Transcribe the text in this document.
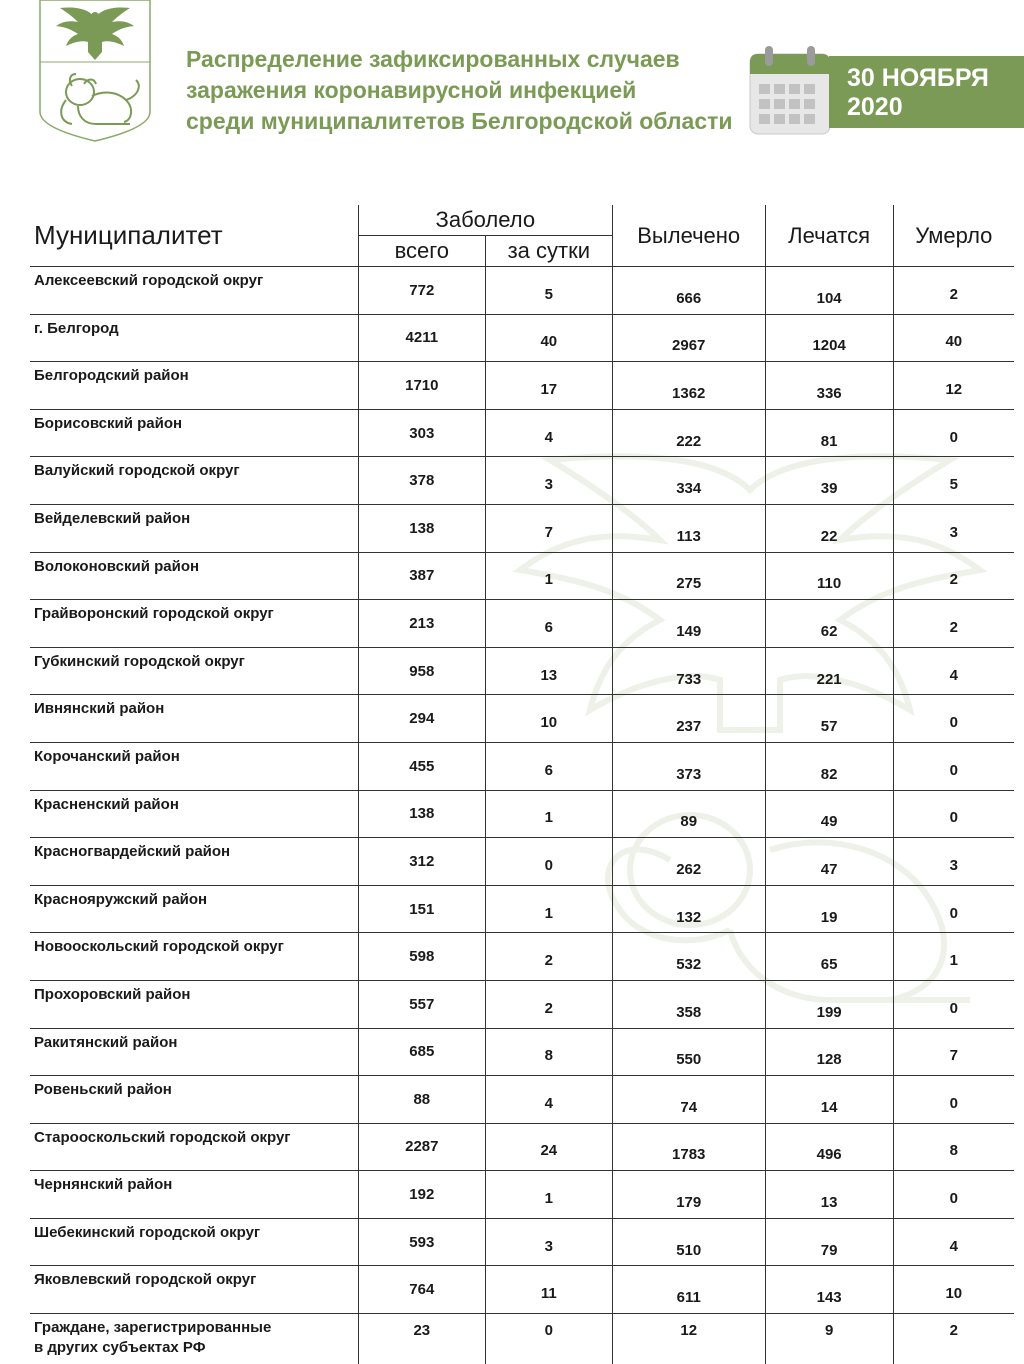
Распределение зафиксированных случаев
заражения коронавирусной инфекцией
среди муниципалитетов Белгородской области
30 НОЯБРЯ
2020
Муниципалитет	Заболело		Вылечено	Лечатся	Умерло
	всего	за сутки			
Алексеевский городской округ	772	5	666	104	2
г. Белгород	4211	40	2967	1204	40
Белгородский район	1710	17	1362	336	12
Борисовский район	303	4	222	81	0
Валуйский городской округ	378	3	334	39	5
Вейделевский район	138	7	113	22	3
Волоконовский район	387	1	275	110	2
Грайворонский городской округ	213	6	149	62	2
Губкинский городской округ	958	13	733	221	4
Ивнянский район	294	10	237	57	0
Корочанский район	455	6	373	82	0
Красненский район	138	1	89	49	0
Красногвардейский район	312	0	262	47	3
Краснояружский район	151	1	132	19	0
Новооскольский городской округ	598	2	532	65	1
Прохоровский район	557	2	358	199	0
Ракитянский район	685	8	550	128	7
Ровеньский район	88	4	74	14	0
Старооскольский городской округ	2287	24	1783	496	8
Чернянский район	192	1	179	13	0
Шебекинский городской округ	593	3	510	79	4
Яковлевский городской округ	764	11	611	143	10

Граждане, зарегистрированные
в других субъектах РФ	23	0	12	9	2
